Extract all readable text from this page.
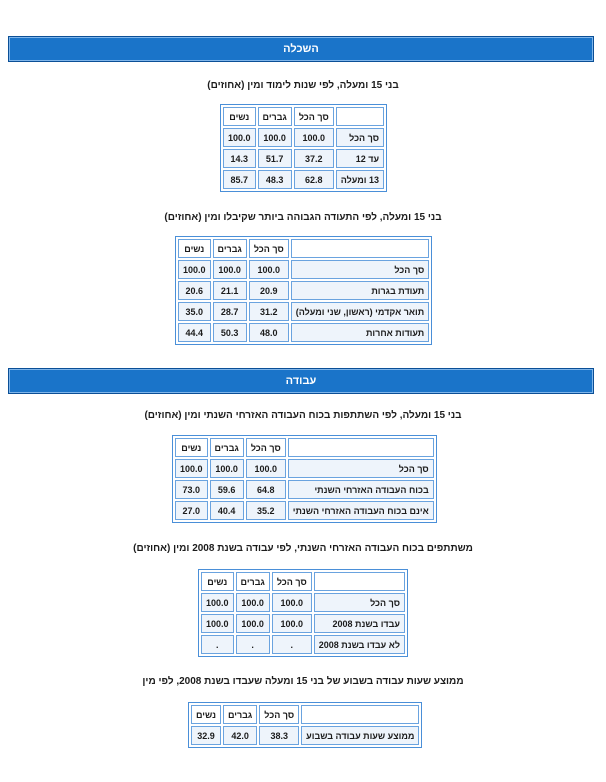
השכלה
בני 15 ומעלה, לפי שנות לימוד ומין (אחוזים)
	סך הכל	גברים	נשים
סך הכל	100.0	100.0	100.0
עד 12	37.2	51.7	14.3
13 ומעלה	62.8	48.3	85.7
בני 15 ומעלה, לפי התעודה הגבוהה ביותר שקיבלו ומין (אחוזים)
	סך הכל	גברים	נשים
סך הכל	100.0	100.0	100.0
תעודת בגרות	20.9	21.1	20.6
תואר אקדמי (ראשון, שני ומעלה)	31.2	28.7	35.0
תעודות אחרות	48.0	50.3	44.4
עבודה
בני 15 ומעלה, לפי השתתפות בכוח העבודה האזרחי השנתי ומין (אחוזים)
	סך הכל	גברים	נשים
סך הכל	100.0	100.0	100.0
בכוח העבודה האזרחי השנתי	64.8	59.6	73.0
אינם בכוח העבודה האזרחי השנתי	35.2	40.4	27.0
משתתפים בכוח העבודה האזרחי השנתי, לפי עבודה בשנת 2008 ומין (אחוזים)
	סך הכל	גברים	נשים
סך הכל	100.0	100.0	100.0
עבדו בשנת 2008	100.0	100.0	100.0
לא עבדו בשנת 2008	.	.	.
ממוצע שעות עבודה בשבוע של בני 15 ומעלה שעבדו בשנת 2008, לפי מין
	סך הכל	גברים	נשים
ממוצע שעות עבודה בשבוע	38.3	42.0	32.9
